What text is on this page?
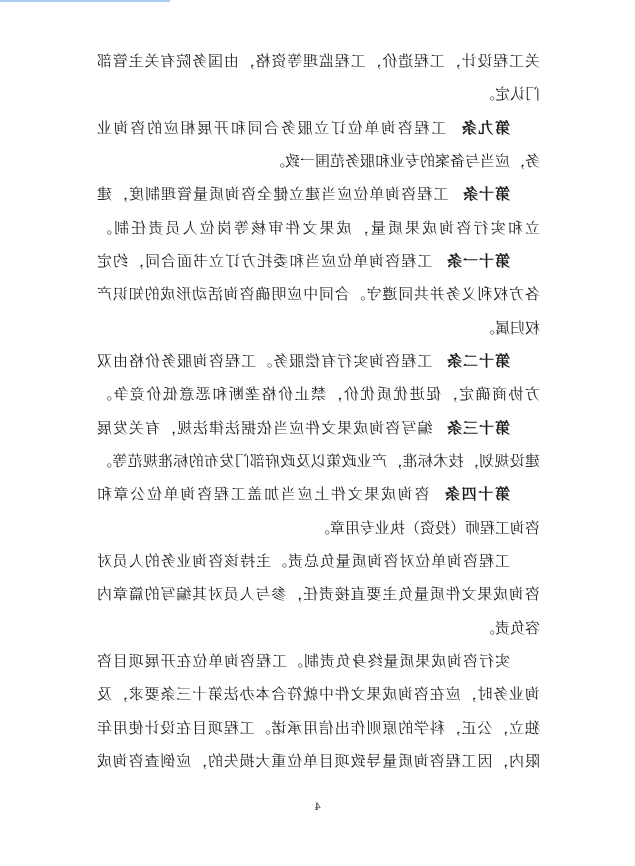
关工程设计，工程造价，工程监理等资格，由国务院有关主管部
门认定。
第九条工程咨询单位订立服务合同和开展相应的咨询业
务，应当与备案的专业和服务范围一致。
第十条工程咨询单位应当建立健全咨询质量管理制度，建
立和实行咨询成果质量，成果文件审核等岗位人员责任制。
第十一条工程咨询单位应当和委托方订立书面合同，约定
各方权利义务并共同遵守。合同中应明确咨询活动形成的知识产
权归属。
第十二条工程咨询实行有偿服务。工程咨询服务价格由双
方协商确定，促进优质优价，禁止价格垄断和恶意低价竞争。
第十三条编写咨询成果文件应当依据法律法规，有关发展
建设规划，技术标准，产业政策以及政府部门发布的标准规范等。
第十四条咨询成果文件上应当加盖工程咨询单位公章和
咨询工程师（投资）执业专用章。
工程咨询单位对咨询质量负总责。主持该咨询业务的人员对
咨询成果文件质量负主要直接责任，参与人员对其编写的篇章内
容负责。
实行咨询成果质量终身负责制。工程咨询单位在开展项目咨
询业务时，应在咨询成果文件中就符合本办法第十三条要求，及
独立，公正，科学的原则作出信用承诺。工程项目在设计使用年
限内，因工程咨询质量导致项目单位重大损失的，应倒查咨询成
4
